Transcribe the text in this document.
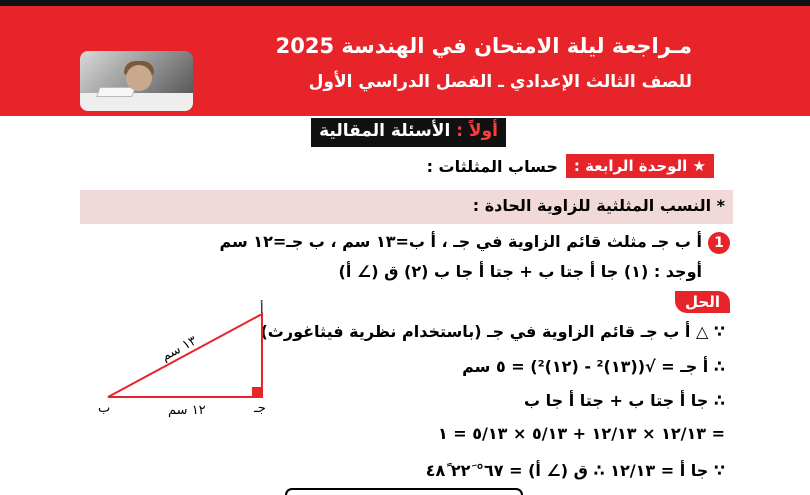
مـراجعة ليلة الامتحان في الهندسة 2025
للصف الثالث الإعدادي ـ الفصل الدراسي الأول
أولاً : الأسئلة المقالية
★ الوحدة الرابعة :
حساب المثلثات :
* النسب المثلثية للزاوية الحادة :
1
أ ب جـ مثلث قائم الزاوية في جـ ، أ ب=١٣ سم ، ب جـ=١٢ سم
أوجد : (١) جا أ جتا ب + جتا أ جا ب (٢) ق (∠ أ)
الحل
∵ △ أ ب جـ قائم الزاوية في جـ (باستخدام نظرية فيثاغورث)
∴ أ جـ = √((١٣)² - (١٢)²) = ٥ سم
∴ جا أ جتا ب + جتا أ جا ب
= ١٢/١٣ × ١٢/١٣ + ٥/١٣ × ٥/١٣ = ١
∵ جا أ = ١٢/١٣ ∴ ق (∠ أ) = ٦٧° ٢٢َ ٤٨ً
أ
ب	جـ
١٣ سم
١٢ سم
